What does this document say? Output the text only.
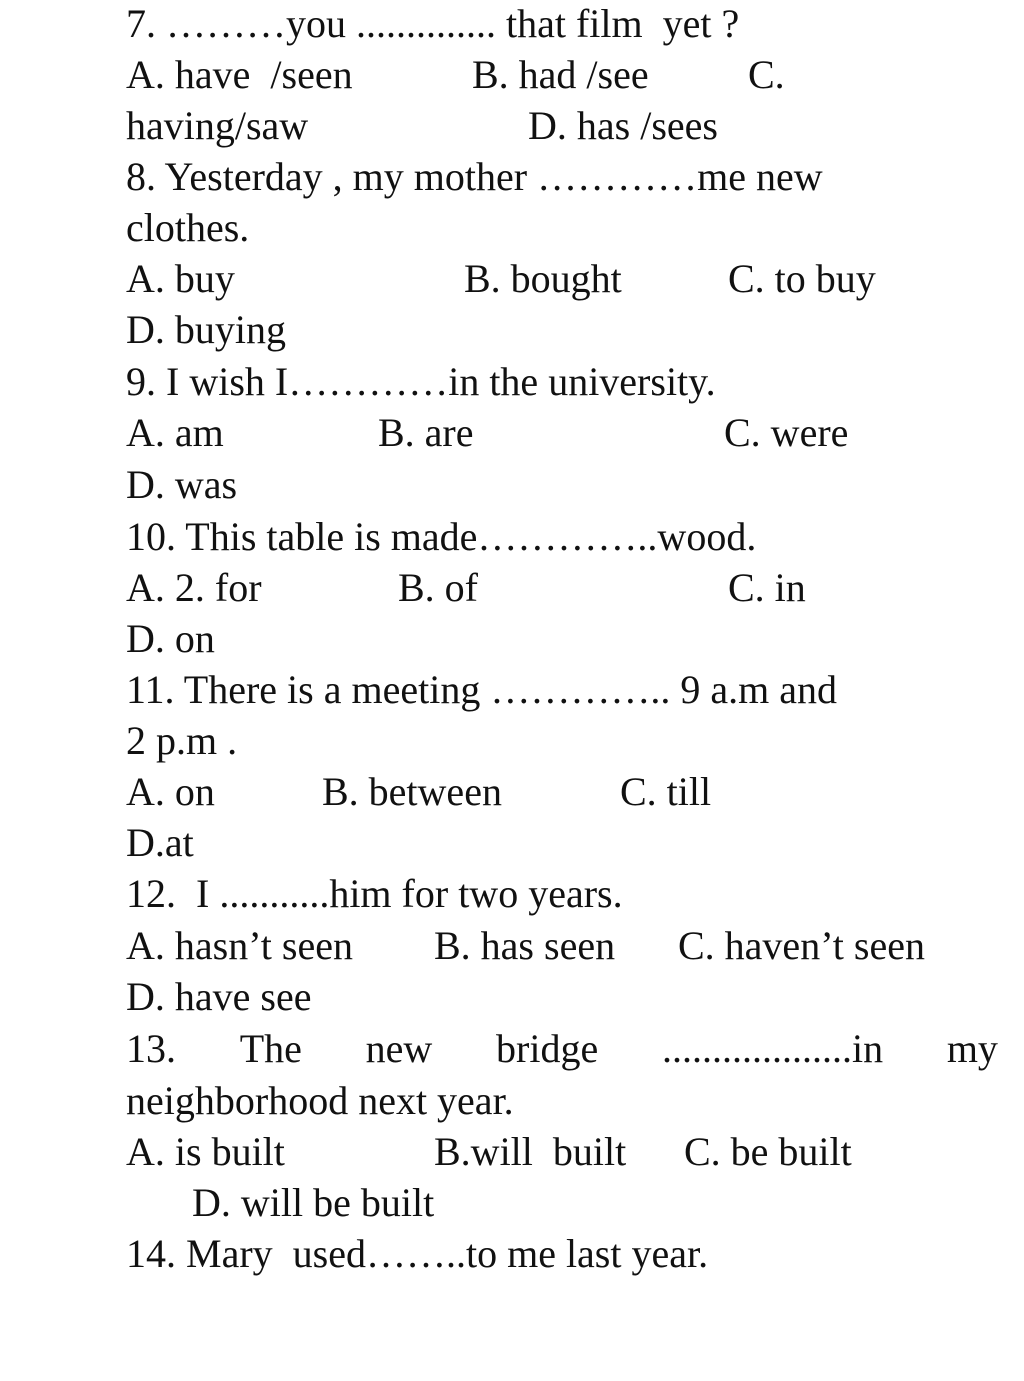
7. ………you .............. that film  yet ?

A. have  /seen

	B. had /see

C.

having/saw

	D. has /sees

8. Yesterday , my mother …………me new

clothes.

A. buy

	B. bought

	C. to buy

D. buying

9. I wish I…………in the university.

A. am

	B. are

	C. were

D. was

10. This table is made…………..wood.

A. 2. for

	B. of

	C. in

D. on

11. There is a meeting ………….. 9 a.m and

2 p.m .

A. on

	B. between

	C. till

D.at

12.  I ...........him for two years.

A. hasn’t seen

B. has seen

C. haven’t seen

D. have see

13. The new bridge ...................in my

neighborhood next year.

A. is built

	B.will  built

C. be built

D. will be built

14. Mary  used……..to me last year.
